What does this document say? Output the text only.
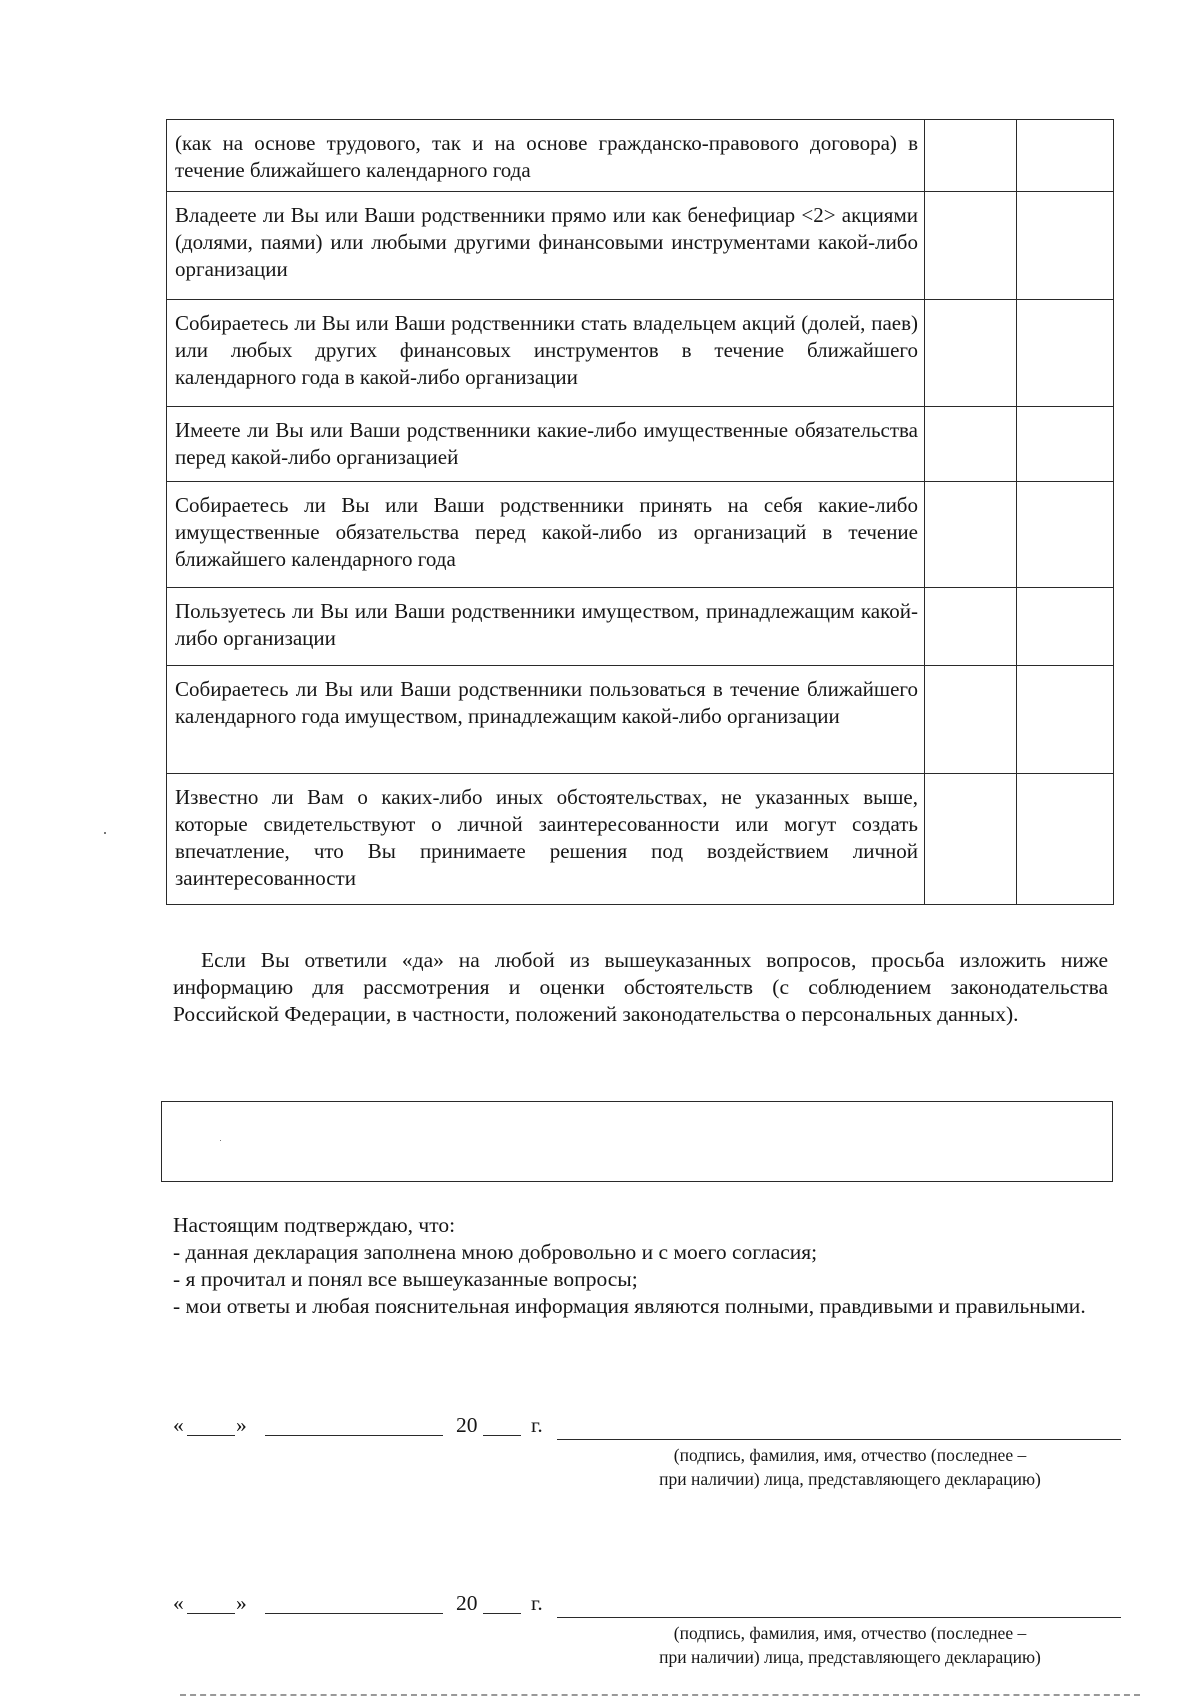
(как на основе трудового, так и на основе гражданско-правового договора) в течение ближайшего календарного года		
Владеете ли Вы или Ваши родственники прямо или как бенефициар <2> акциями (долями, паями) или любыми другими финансовыми инструментами какой-либо организации		
Собираетесь ли Вы или Ваши родственники стать владельцем акций (долей, паев) или любых других финансовых инструментов в течение ближайшего календарного года в какой-либо организации		
Имеете ли Вы или Ваши родственники какие-либо имущественные обязательства перед какой-либо организацией		
Собираетесь ли Вы или Ваши родственники принять на себя какие-либо имущественные обязательства перед какой-либо из организаций в течение ближайшего календарного года		
Пользуетесь ли Вы или Ваши родственники имуществом, принадлежащим какой-либо организации		
Собираетесь ли Вы или Ваши родственники пользоваться в течение ближайшего календарного года имуществом, принадлежащим какой-либо организации		
Известно ли Вам о каких-либо иных обстоятельствах, не указанных выше, которые свидетельствуют о личной заинтересованности или могут создать впечатление, что Вы принимаете решения под воздействием личной заинтересованности		

Если Вы ответили «да» на любой из вышеуказанных вопросов, просьба изложить ниже информацию для рассмотрения и оценки обстоятельств (с соблюдением законодательства Российской Федерации, в частности, положений законодательства о персональных данных).

Настоящим подтверждаю, что:
- данная декларация заполнена мною добровольно и с моего согласия;
- я прочитал и понял все вышеуказанные вопросы;
- мои ответы и любая пояснительная информация являются полными, правдивыми и правильными.
« »	20 г.
(подпись, фамилия, имя, отчество (последнее –
при наличии) лица, представляющего декларацию)
« »	20 г.
(подпись, фамилия, имя, отчество (последнее –
при наличии) лица, представляющего декларацию)
